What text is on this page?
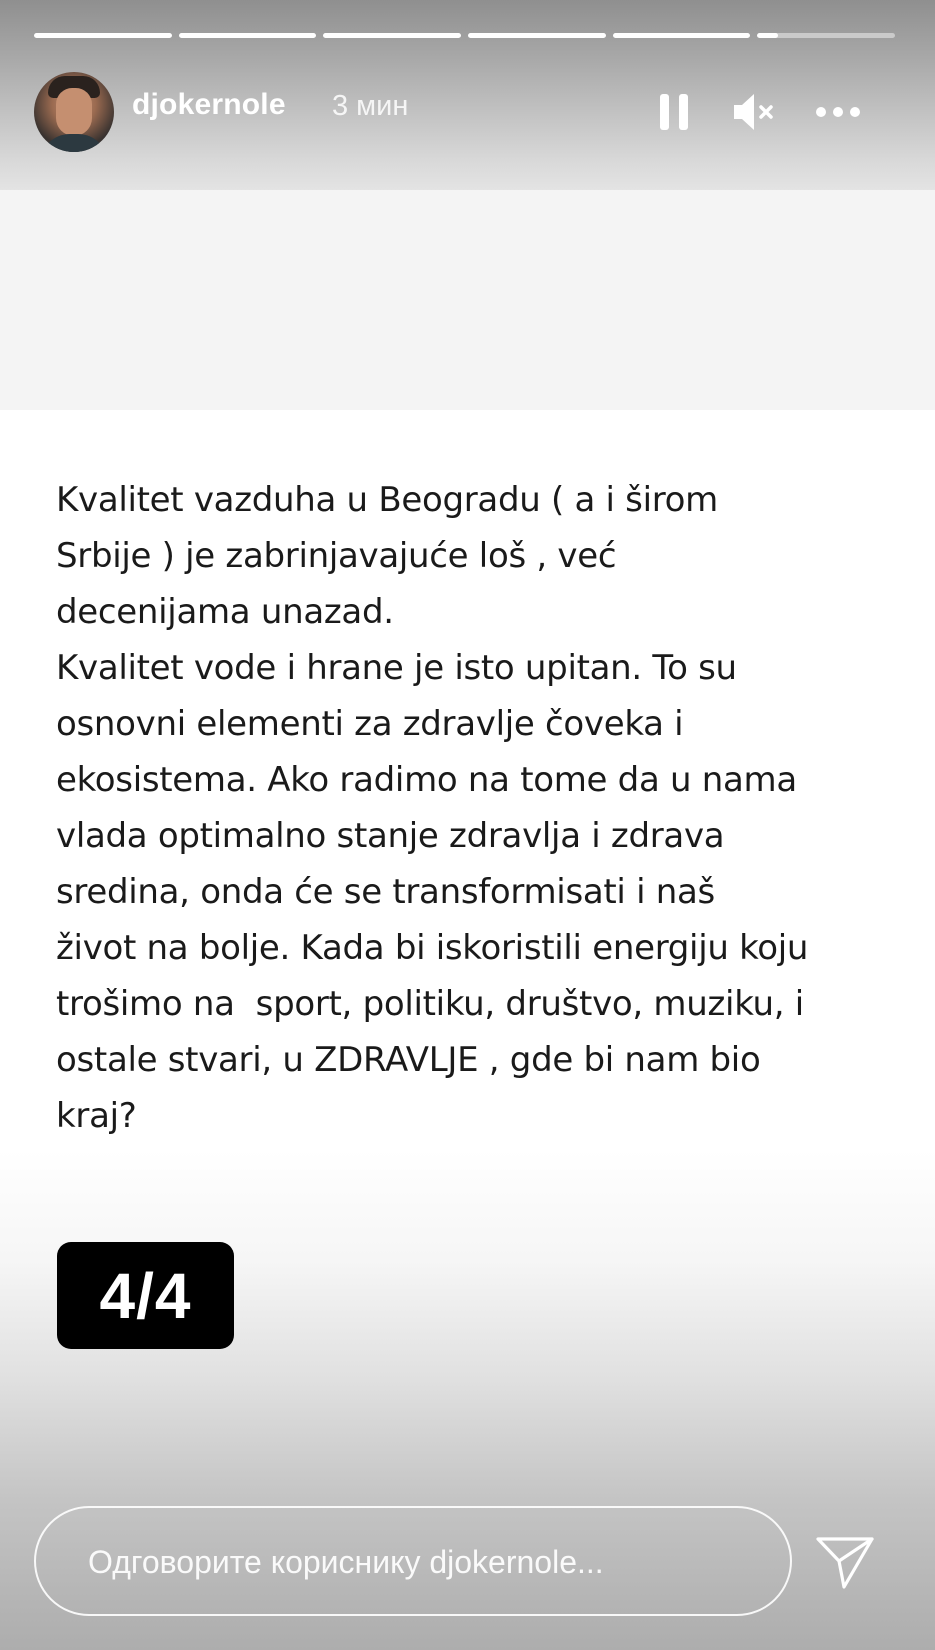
djokernole 3 мин

Kvalitet vazduha u Beogradu ( a i širom
Srbije ) je zabrinjavajuće loš , već
decenijama unazad.
Kvalitet vode i hrane je isto upitan. To su
osnovni elementi za zdravlje čoveka i
ekosistema. Ako radimo na tome da u nama
vlada optimalno stanje zdravlja i zdrava
sredina, onda će se transformisati i naš
život na bolje. Kada bi iskoristili energiju koju
trošimo na  sport, politiku, društvo, muziku, i
ostale stvari, u ZDRAVLJE , gde bi nam bio
kraj?

4/4
Одговорите кориснику djokernole...
